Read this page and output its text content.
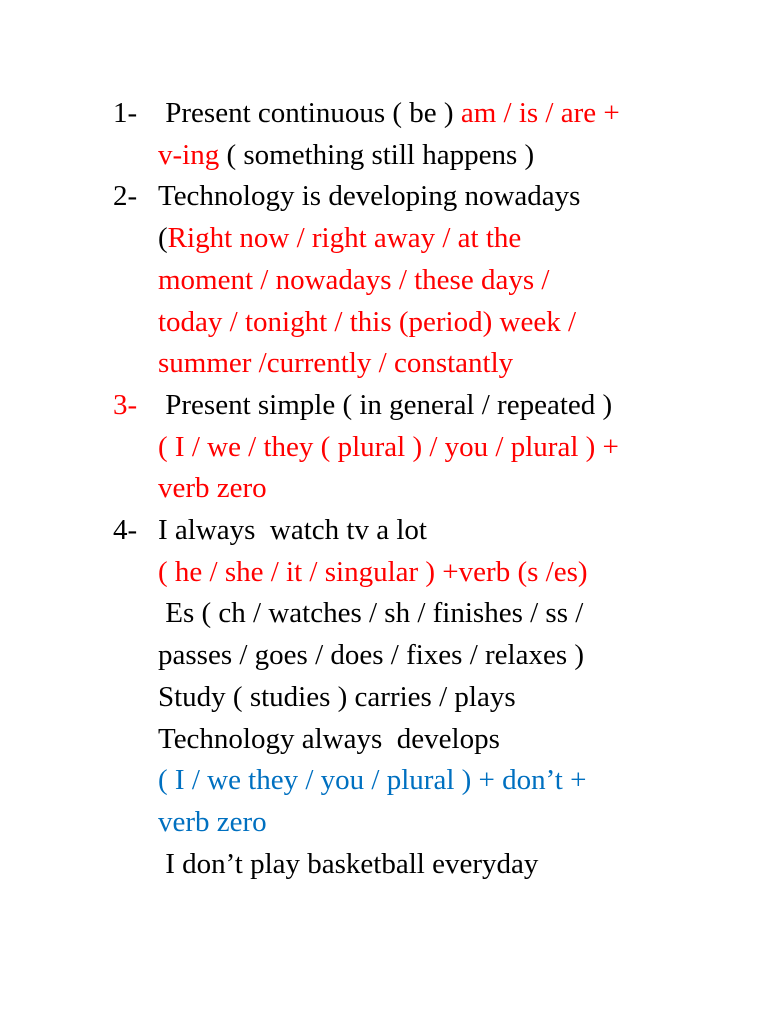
1- Present continuous ( be ) am / is / are +
v-ing ( something still happens )
2- Technology is developing nowadays
(Right now / right away / at the
moment / nowadays / these days /
today / tonight / this (period) week /
summer /currently / constantly
3- Present simple ( in general / repeated )
( I / we / they ( plural ) / you / plural ) +
verb zero
4- I always  watch tv a lot
( he / she / it / singular ) +verb (s /es)
Es ( ch / watches / sh / finishes / ss /
passes / goes / does / fixes / relaxes )
Study ( studies ) carries / plays
Technology always  develops
( I / we they / you / plural ) + don’t +
verb zero
I don’t play basketball everyday
